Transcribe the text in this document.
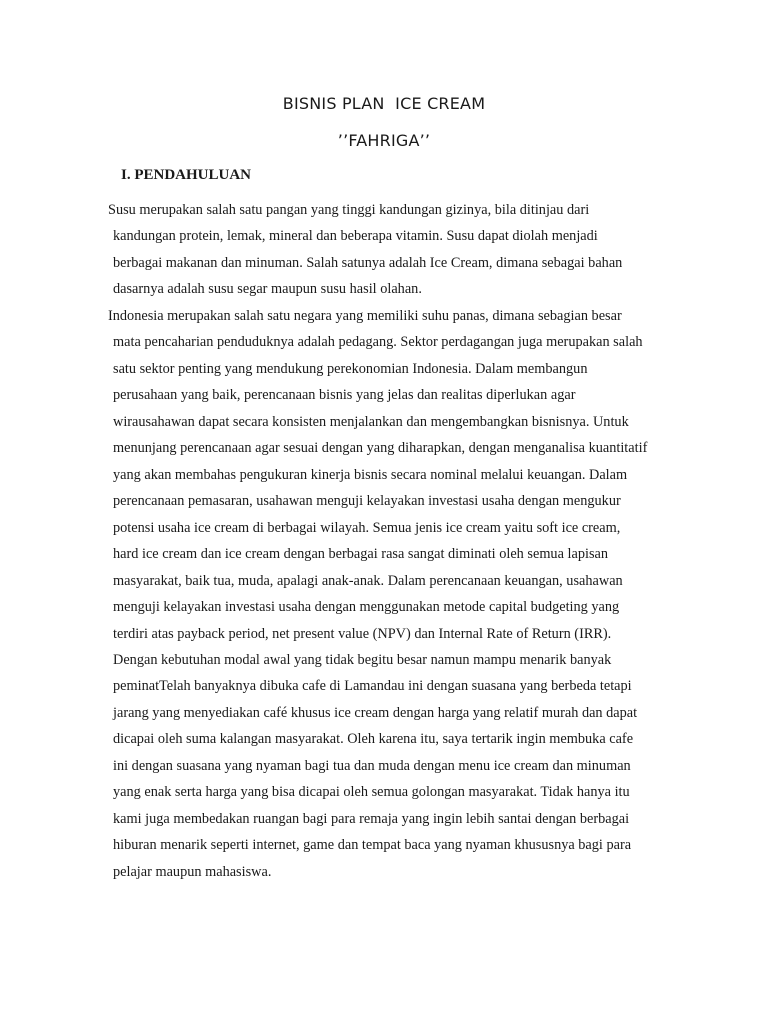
BISNIS PLAN  ICE CREAM
’’FAHRIGA’’
I. PENDAHULUAN
Susu merupakan salah satu pangan yang tinggi kandungan gizinya, bila ditinjau dari
kandungan protein, lemak, mineral dan beberapa vitamin. Susu dapat diolah menjadi
berbagai makanan dan minuman. Salah satunya adalah Ice Cream, dimana sebagai bahan
dasarnya adalah susu segar maupun susu hasil olahan.
Indonesia merupakan salah satu negara yang memiliki suhu panas, dimana sebagian besar
mata pencaharian penduduknya adalah pedagang. Sektor perdagangan juga merupakan salah
satu sektor penting yang mendukung perekonomian Indonesia. Dalam membangun
perusahaan yang baik, perencanaan bisnis yang jelas dan realitas diperlukan agar
wirausahawan dapat secara konsisten menjalankan dan mengembangkan bisnisnya. Untuk
menunjang perencanaan agar sesuai dengan yang diharapkan, dengan menganalisa kuantitatif
yang akan membahas pengukuran kinerja bisnis secara nominal melalui keuangan. Dalam
perencanaan pemasaran, usahawan menguji kelayakan investasi usaha dengan mengukur
potensi usaha ice cream di berbagai wilayah. Semua jenis ice cream yaitu soft ice cream,
hard ice cream dan ice cream dengan berbagai rasa sangat diminati oleh semua lapisan
masyarakat, baik tua, muda, apalagi anak-anak. Dalam perencanaan keuangan, usahawan
menguji kelayakan investasi usaha dengan menggunakan metode capital budgeting yang
terdiri atas payback period, net present value (NPV) dan Internal Rate of Return (IRR).
Dengan kebutuhan modal awal yang tidak begitu besar namun mampu menarik banyak
peminatTelah banyaknya dibuka cafe di Lamandau ini dengan suasana yang berbeda tetapi
jarang yang menyediakan café khusus ice cream dengan harga yang relatif murah dan dapat
dicapai oleh suma kalangan masyarakat. Oleh karena itu, saya tertarik ingin membuka cafe
ini dengan suasana yang nyaman bagi tua dan muda dengan menu ice cream dan minuman
yang enak serta harga yang bisa dicapai oleh semua golongan masyarakat. Tidak hanya itu
kami juga membedakan ruangan bagi para remaja yang ingin lebih santai dengan berbagai
hiburan menarik seperti internet, game dan tempat baca yang nyaman khususnya bagi para
pelajar maupun mahasiswa.
